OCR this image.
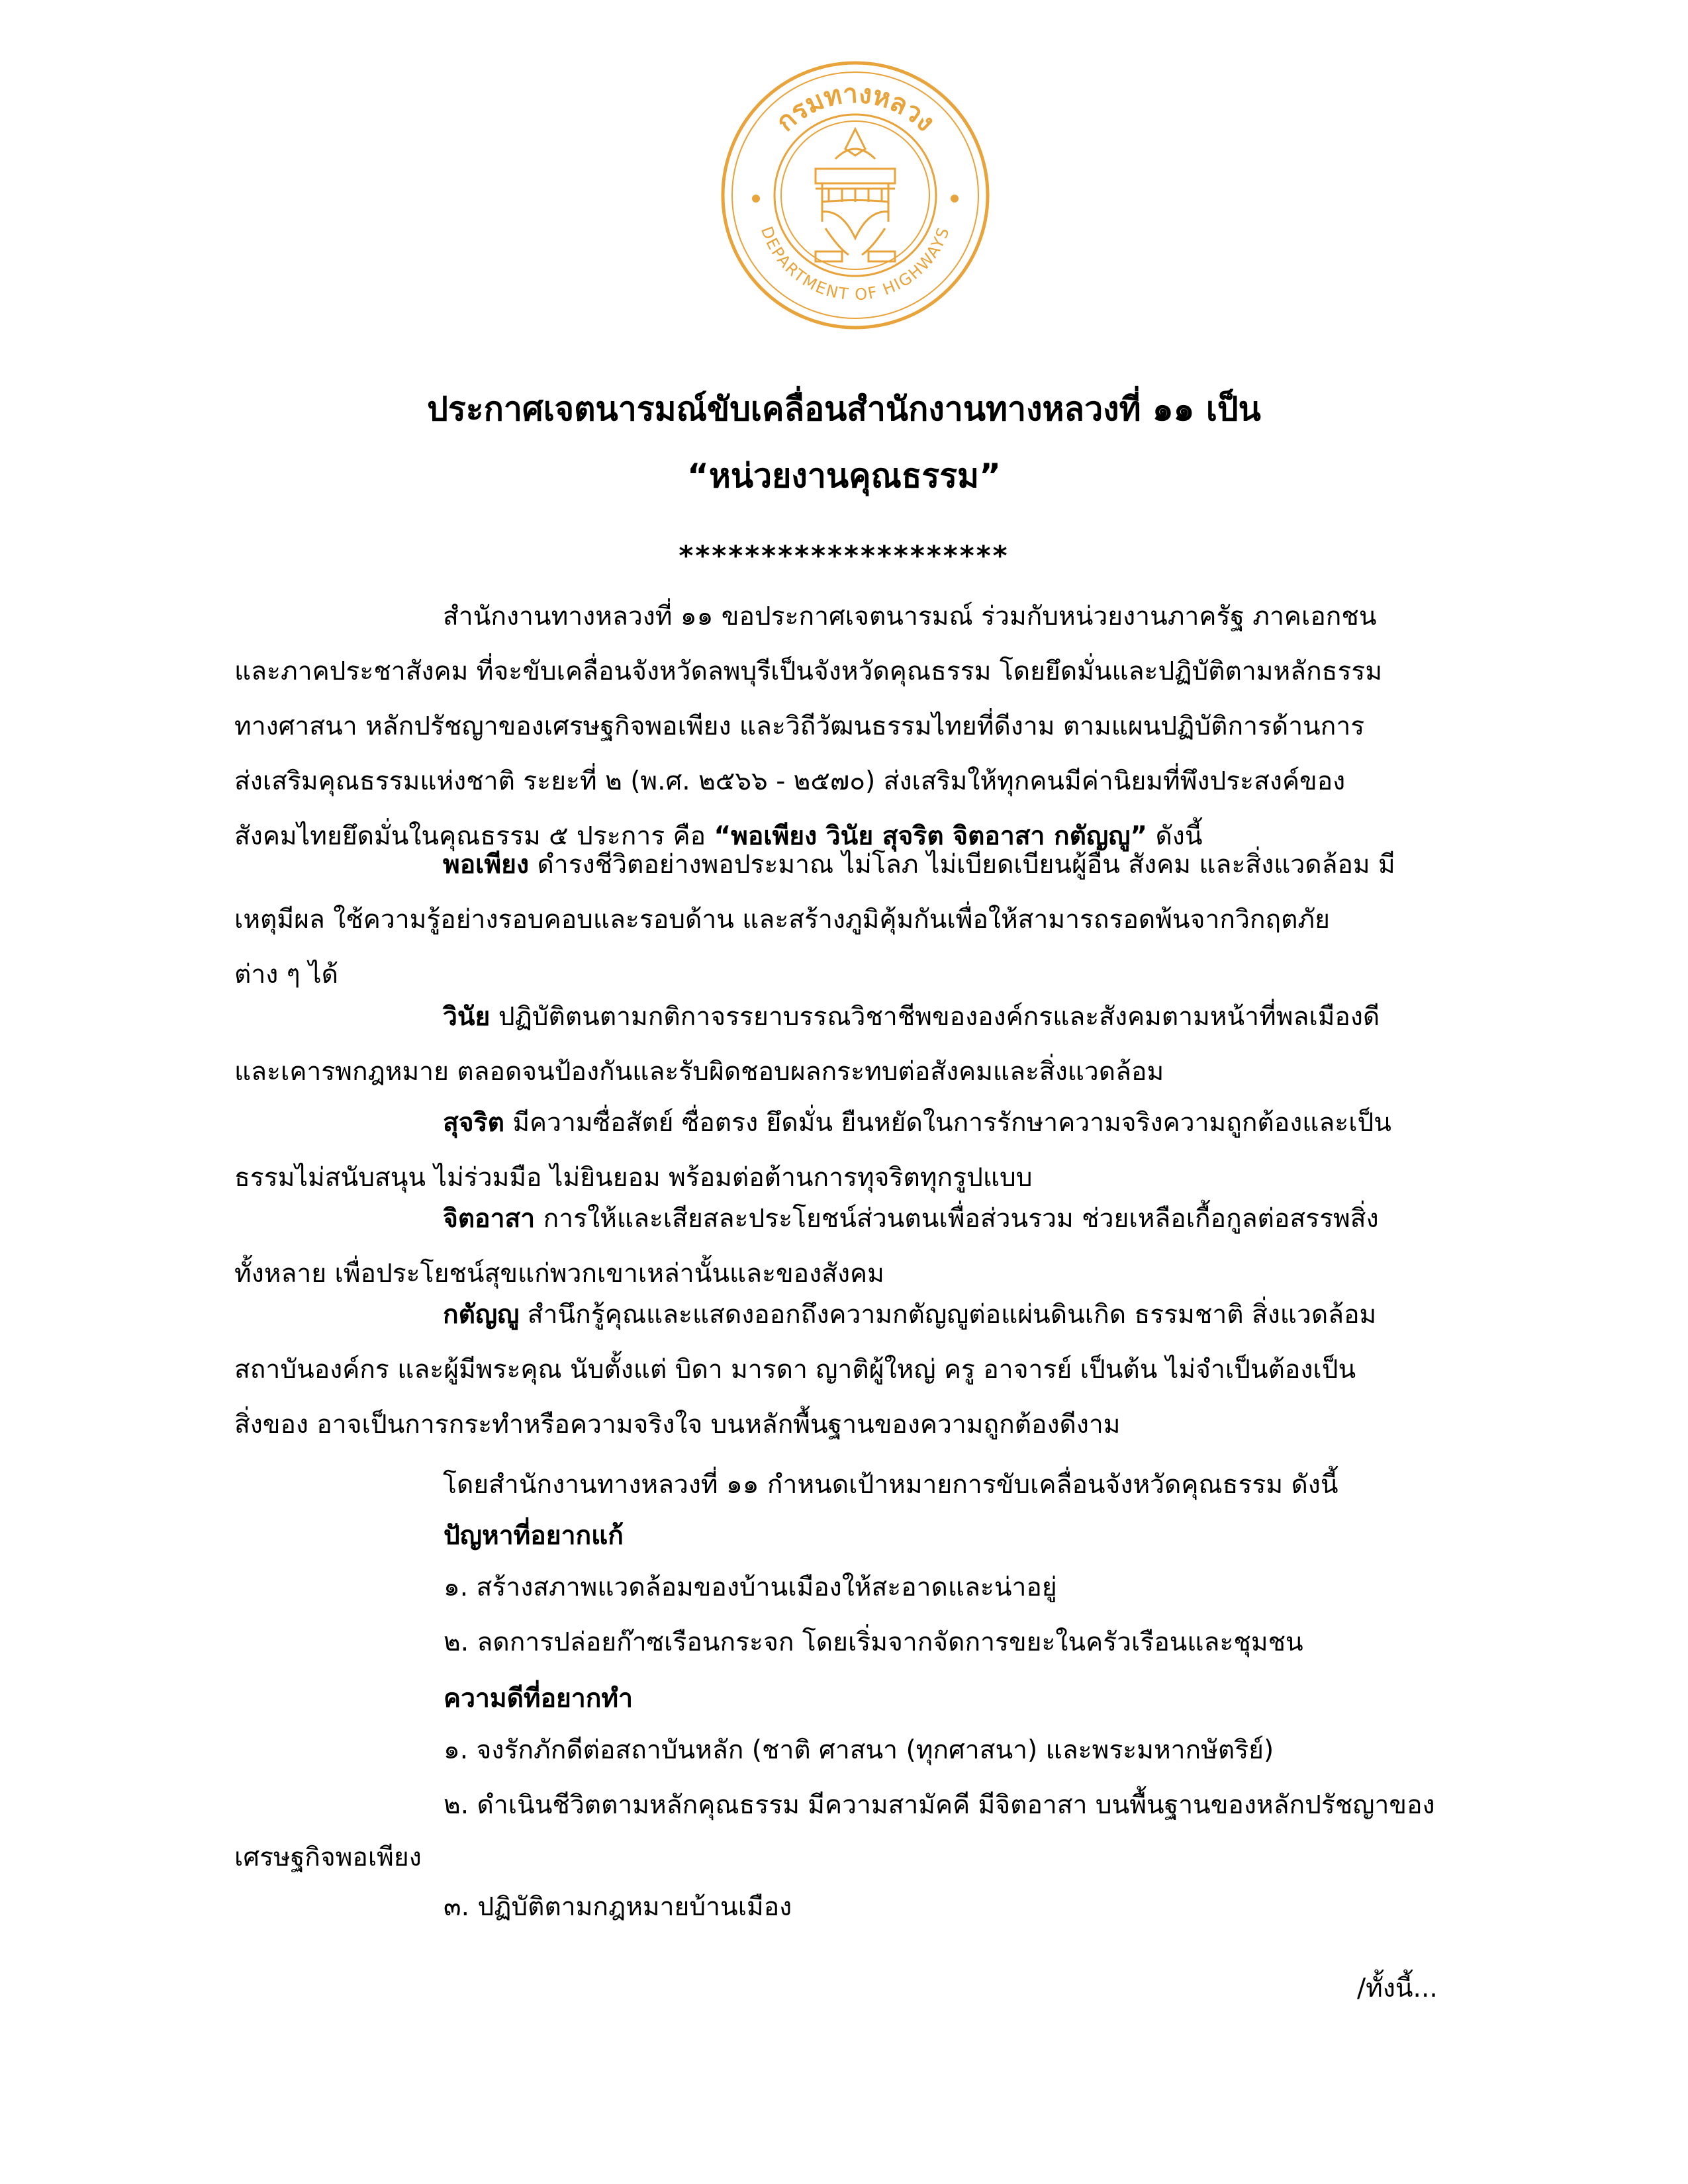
กรมทางหลวง
DEPARTMENT OF HIGHWAYS
ประกาศเจตนารมณ์ขับเคลื่อนสำนักงานทางหลวงที่ ๑๑ เป็น
“หน่วยงานคุณธรรม”
********************
สำนักงานทางหลวงที่ ๑๑ ขอประกาศเจตนารมณ์ ร่วมกับหน่วยงานภาครัฐ ภาคเอกชน
และภาคประชาสังคม ที่จะขับเคลื่อนจังหวัดลพบุรีเป็นจังหวัดคุณธรรม โดยยึดมั่นและปฏิบัติตามหลักธรรม
ทางศาสนา หลักปรัชญาของเศรษฐกิจพอเพียง และวิถีวัฒนธรรมไทยที่ดีงาม ตามแผนปฏิบัติการด้านการ
ส่งเสริมคุณธรรมแห่งชาติ ระยะที่ ๒ (พ.ศ. ๒๕๖๖ - ๒๕๗๐) ส่งเสริมให้ทุกคนมีค่านิยมที่พึงประสงค์ของ
สังคมไทยยึดมั่นในคุณธรรม ๕ ประการ คือ “พอเพียง วินัย สุจริต จิตอาสา กตัญญู” ดังนี้
พอเพียง ดำรงชีวิตอย่างพอประมาณ ไม่โลภ ไม่เบียดเบียนผู้อื่น สังคม และสิ่งแวดล้อม มี
เหตุมีผล ใช้ความรู้อย่างรอบคอบและรอบด้าน และสร้างภูมิคุ้มกันเพื่อให้สามารถรอดพ้นจากวิกฤตภัย
ต่าง ๆ ได้
วินัย ปฏิบัติตนตามกติกาจรรยาบรรณวิชาชีพขององค์กรและสังคมตามหน้าที่พลเมืองดี
และเคารพกฎหมาย ตลอดจนป้องกันและรับผิดชอบผลกระทบต่อสังคมและสิ่งแวดล้อม
สุจริต มีความซื่อสัตย์ ซื่อตรง ยึดมั่น ยืนหยัดในการรักษาความจริงความถูกต้องและเป็น
ธรรมไม่สนับสนุน ไม่ร่วมมือ ไม่ยินยอม พร้อมต่อต้านการทุจริตทุกรูปแบบ
จิตอาสา การให้และเสียสละประโยชน์ส่วนตนเพื่อส่วนรวม ช่วยเหลือเกื้อกูลต่อสรรพสิ่ง
ทั้งหลาย เพื่อประโยชน์สุขแก่พวกเขาเหล่านั้นและของสังคม
กตัญญู สำนึกรู้คุณและแสดงออกถึงความกตัญญูต่อแผ่นดินเกิด ธรรมชาติ สิ่งแวดล้อม
สถาบันองค์กร และผู้มีพระคุณ นับตั้งแต่ บิดา มารดา ญาติผู้ใหญ่ ครู อาจารย์ เป็นต้น ไม่จำเป็นต้องเป็น
สิ่งของ อาจเป็นการกระทำหรือความจริงใจ บนหลักพื้นฐานของความถูกต้องดีงาม
โดยสำนักงานทางหลวงที่ ๑๑ กำหนดเป้าหมายการขับเคลื่อนจังหวัดคุณธรรม ดังนี้
ปัญหาที่อยากแก้
๑. สร้างสภาพแวดล้อมของบ้านเมืองให้สะอาดและน่าอยู่
๒. ลดการปล่อยก๊าซเรือนกระจก โดยเริ่มจากจัดการขยะในครัวเรือนและชุมชน
ความดีที่อยากทำ
๑. จงรักภักดีต่อสถาบันหลัก (ชาติ ศาสนา (ทุกศาสนา) และพระมหากษัตริย์)
๒. ดำเนินชีวิตตามหลักคุณธรรม มีความสามัคคี มีจิตอาสา บนพื้นฐานของหลักปรัชญาของ
เศรษฐกิจพอเพียง
๓. ปฏิบัติตามกฎหมายบ้านเมือง
/ทั้งนี้...
